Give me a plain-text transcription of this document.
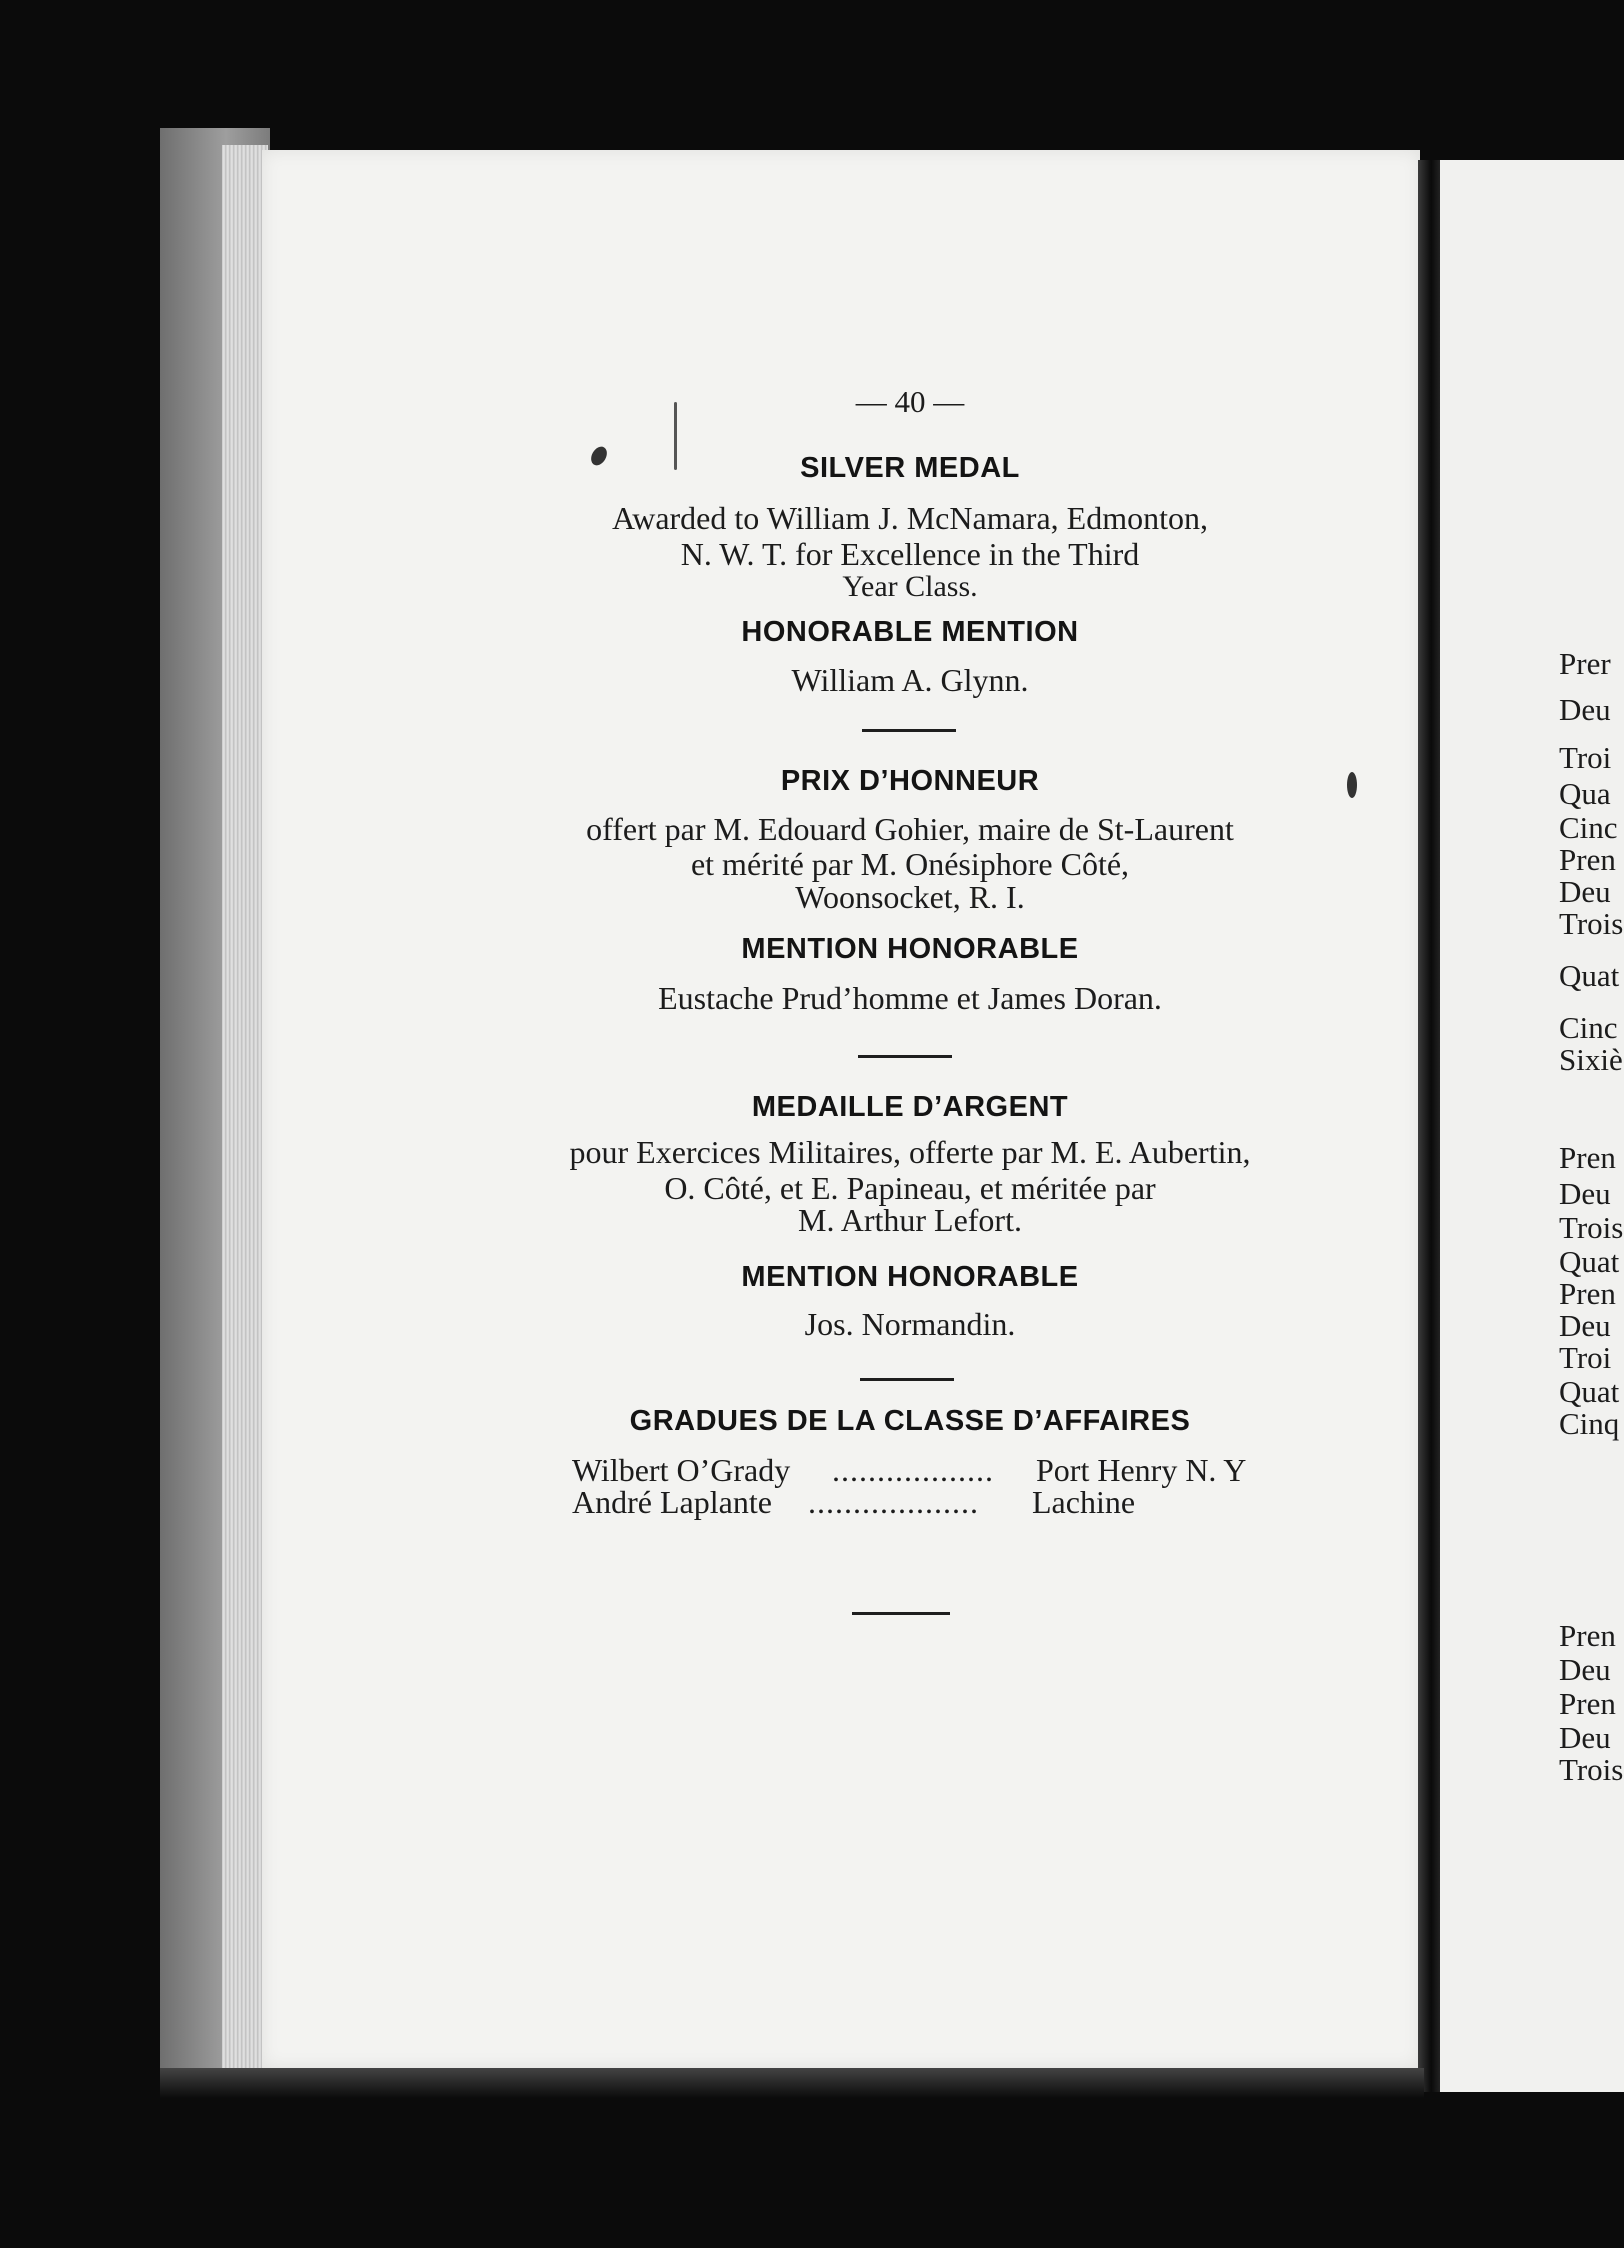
— 40 —
SILVER MEDAL
Awarded to William J. McNamara, Edmonton,
N. W. T. for Excellence in the Third
Year Class.
HONORABLE MENTION
William A. Glynn.
PRIX D’HONNEUR
offert par M. Edouard Gohier, maire de St-Laurent
et mérité par M. Onésiphore Côté,
Woonsocket, R. I.
MENTION HONORABLE
Eustache Prud’homme et James Doran.
MEDAILLE D’ARGENT
pour Exercices Militaires, offerte par M. E. Aubertin,
O. Côté, et E. Papineau, et méritée par
M. Arthur Lefort.
MENTION HONORABLE
Jos. Normandin.
GRADUES DE LA CLASSE D’AFFAIRES
Wilbert O’Grady .................. Port Henry N. Y
André Laplante ................... Lachine
Prer
Deu
Troi
Qua
Cinc
Pren
Deu
Trois
Quat
Cinc
Sixiè
Pren
Deu
Trois
Quat
Pren
Deu
Troi
Quat
Cinq
Pren
Deu
Pren
Deu
Trois
